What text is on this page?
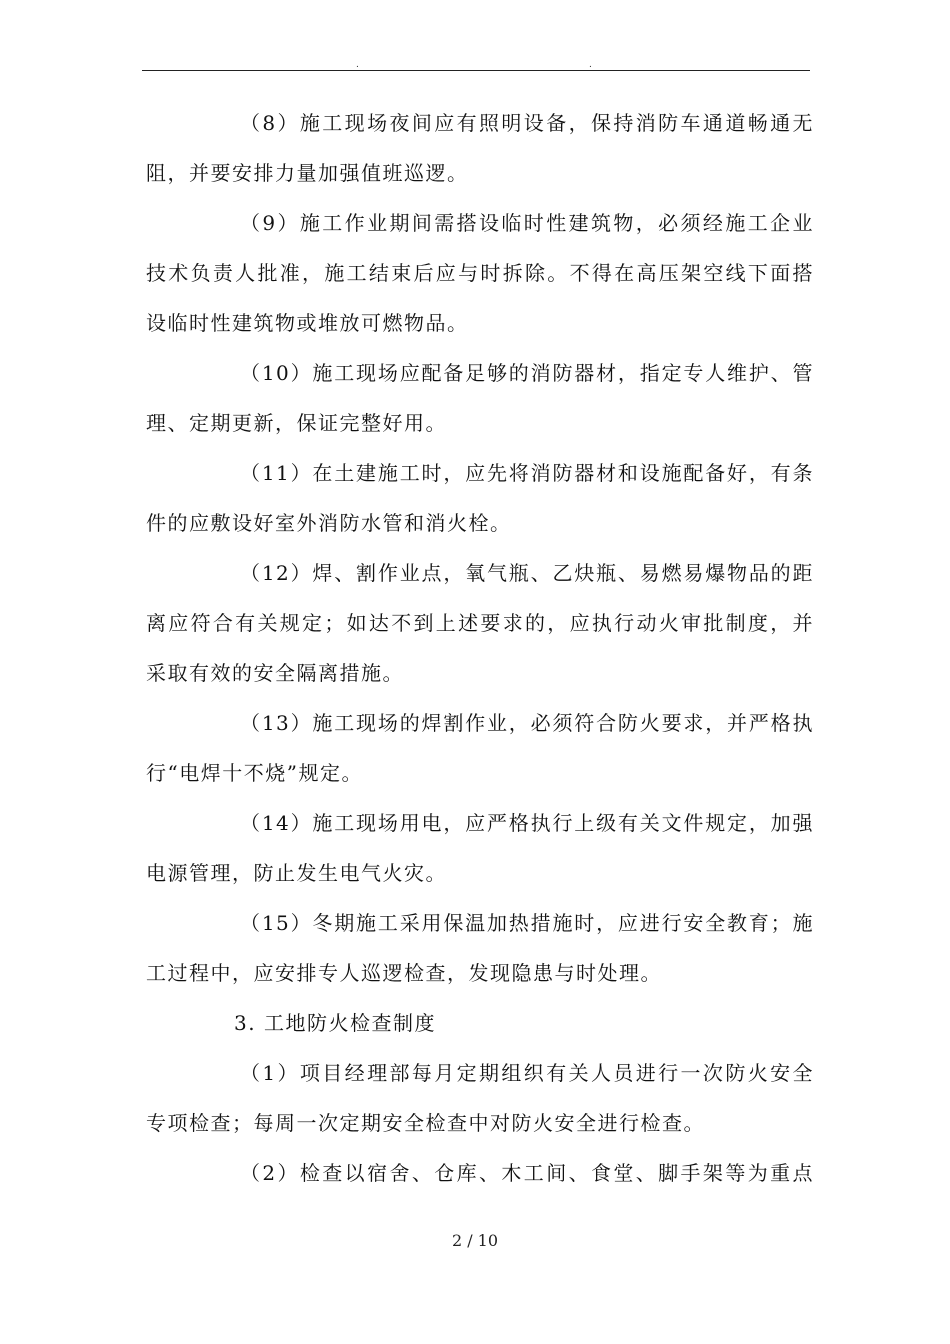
.	.
（8）施工现场夜间应有照明设备，保持消防车通道畅通无
阻，并要安排力量加强值班巡逻。
（9）施工作业期间需搭设临时性建筑物，必须经施工企业
技术负责人批准，施工结束后应与时拆除。不得在高压架空线下面搭
设临时性建筑物或堆放可燃物品。
（10）施工现场应配备足够的消防器材，指定专人维护、管
理、定期更新，保证完整好用。
（11）在土建施工时，应先将消防器材和设施配备好，有条
件的应敷设好室外消防水管和消火栓。
（12）焊、割作业点，氧气瓶、乙炔瓶、易燃易爆物品的距
离应符合有关规定；如达不到上述要求的，应执行动火审批制度，并
采取有效的安全隔离措施。
（13）施工现场的焊割作业，必须符合防火要求，并严格执
行“电焊十不烧”规定。
（14）施工现场用电，应严格执行上级有关文件规定，加强
电源管理，防止发生电气火灾。
（15）冬期施工采用保温加热措施时，应进行安全教育；施
工过程中，应安排专人巡逻检查，发现隐患与时处理。
3. 工地防火检查制度
（1）项目经理部每月定期组织有关人员进行一次防火安全
专项检查；每周一次定期安全检查中对防火安全进行检查。
（2）检查以宿舍、仓库、木工间、食堂、脚手架等为重点
2 / 10
